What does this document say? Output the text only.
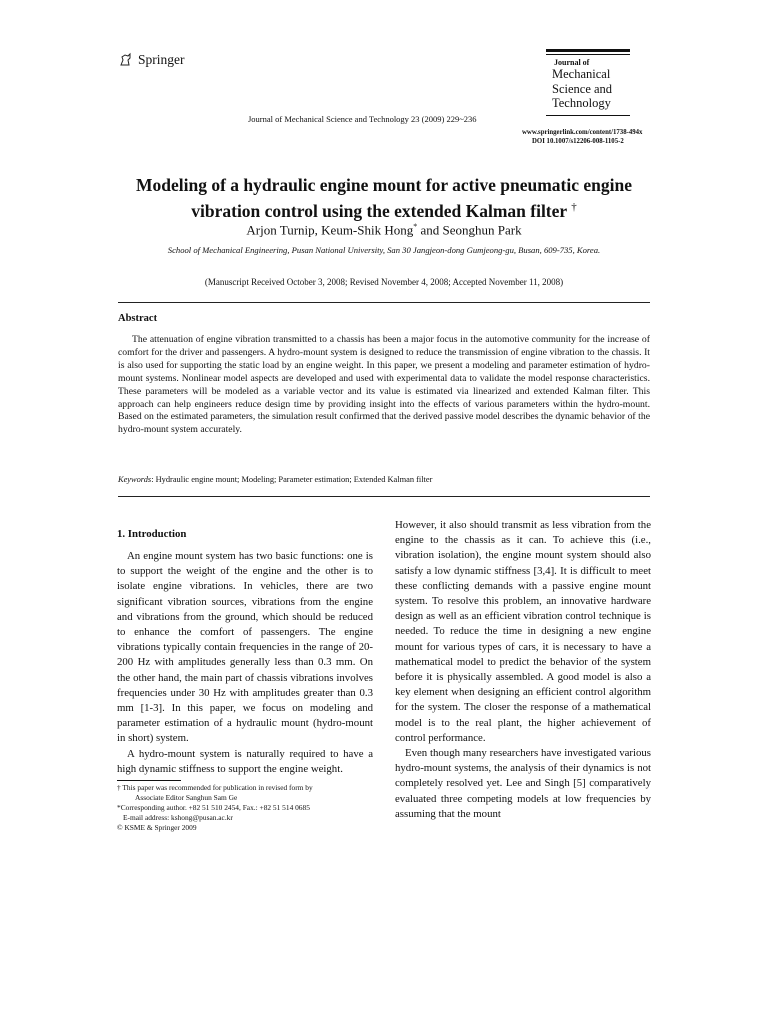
Springer	Journal of
Mechanical
Science and
Technology
Journal of Mechanical Science and Technology 23 (2009) 229~236
www.springerlink.com/content/1738-494x
DOI 10.1007/s12206-008-1105-2
Modeling of a hydraulic engine mount for active pneumatic engine
vibration control using the extended Kalman filter †
Arjon Turnip, Keum-Shik Hong* and Seonghun Park
School of Mechanical Engineering, Pusan National University, San 30 Jangjeon-dong Gumjeong-gu, Busan, 609-735, Korea.
(Manuscript Received October 3, 2008; Revised November 4, 2008; Accepted November 11, 2008)
Abstract
The attenuation of engine vibration transmitted to a chassis has been a major focus in the automotive community for the increase of comfort for the driver and passengers. A hydro-mount system is designed to reduce the transmission of engine vibration to the chassis. It is also used for supporting the static load by an engine weight. In this paper, we present a modeling and parameter estimation of hydro-mount systems. Nonlinear model aspects are developed and used with experimental data to validate the model response characteristics. These parameters will be modeled as a variable vector and its value is estimated via linearized and extended Kalman filter. This approach can help engineers reduce design time by providing insight into the effects of various parameters within the hydro-mount. Based on the estimated parameters, the simulation result confirmed that the derived passive model describes the dynamic behavior of the hydro-mount system accurately.
Keywords: Hydraulic engine mount; Modeling; Parameter estimation; Extended Kalman filter
1. Introduction

An engine mount system has two basic functions: one is to support the weight of the engine and the other is to isolate engine vibrations. In vehicles, there are two significant vibration sources, vibrations from the engine and vibrations from the ground, which should be reduced to enhance the comfort of passengers. The engine vibrations typically contain frequencies in the range of 20-200 Hz with amplitudes generally less than 0.3 mm. On the other hand, the main part of chassis vibrations involves frequencies under 30 Hz with amplitudes greater than 0.3 mm [1-3]. In this paper, we focus on modeling and parameter estimation of a hydraulic mount (hydro-mount in short) system.

A hydro-mount system is naturally required to have a high dynamic stiffness to support the engine weight.

† This paper was recommended for publication in revised form by
Associate Editor Sanghun Sam Ge
*Corresponding author. +82 51 510 2454, Fax.: +82 51 514 0685
E-mail address: kshong@pusan.ac.kr
© KSME & Springer 2009

However, it also should transmit as less vibration from the engine to the chassis as it can. To achieve this (i.e., vibration isolation), the engine mount system should also satisfy a low dynamic stiffness [3,4]. It is difficult to meet these conflicting demands with a passive engine mount system. To resolve this problem, an innovative hardware design as well as an efficient vibration control technique is needed. To reduce the time in designing a new engine mount for various types of cars, it is necessary to have a mathematical model to predict the behavior of the system before it is physically assembled. A good model is also a key element when designing an efficient control algorithm for the system. The closer the response of a mathematical model is to the real plant, the higher achievement of control performance.

Even though many researchers have investigated various hydro-mount systems, the analysis of their dynamics is not completely resolved yet. Lee and Singh [5] comparatively evaluated three competing models at low frequencies by assuming that the mount
